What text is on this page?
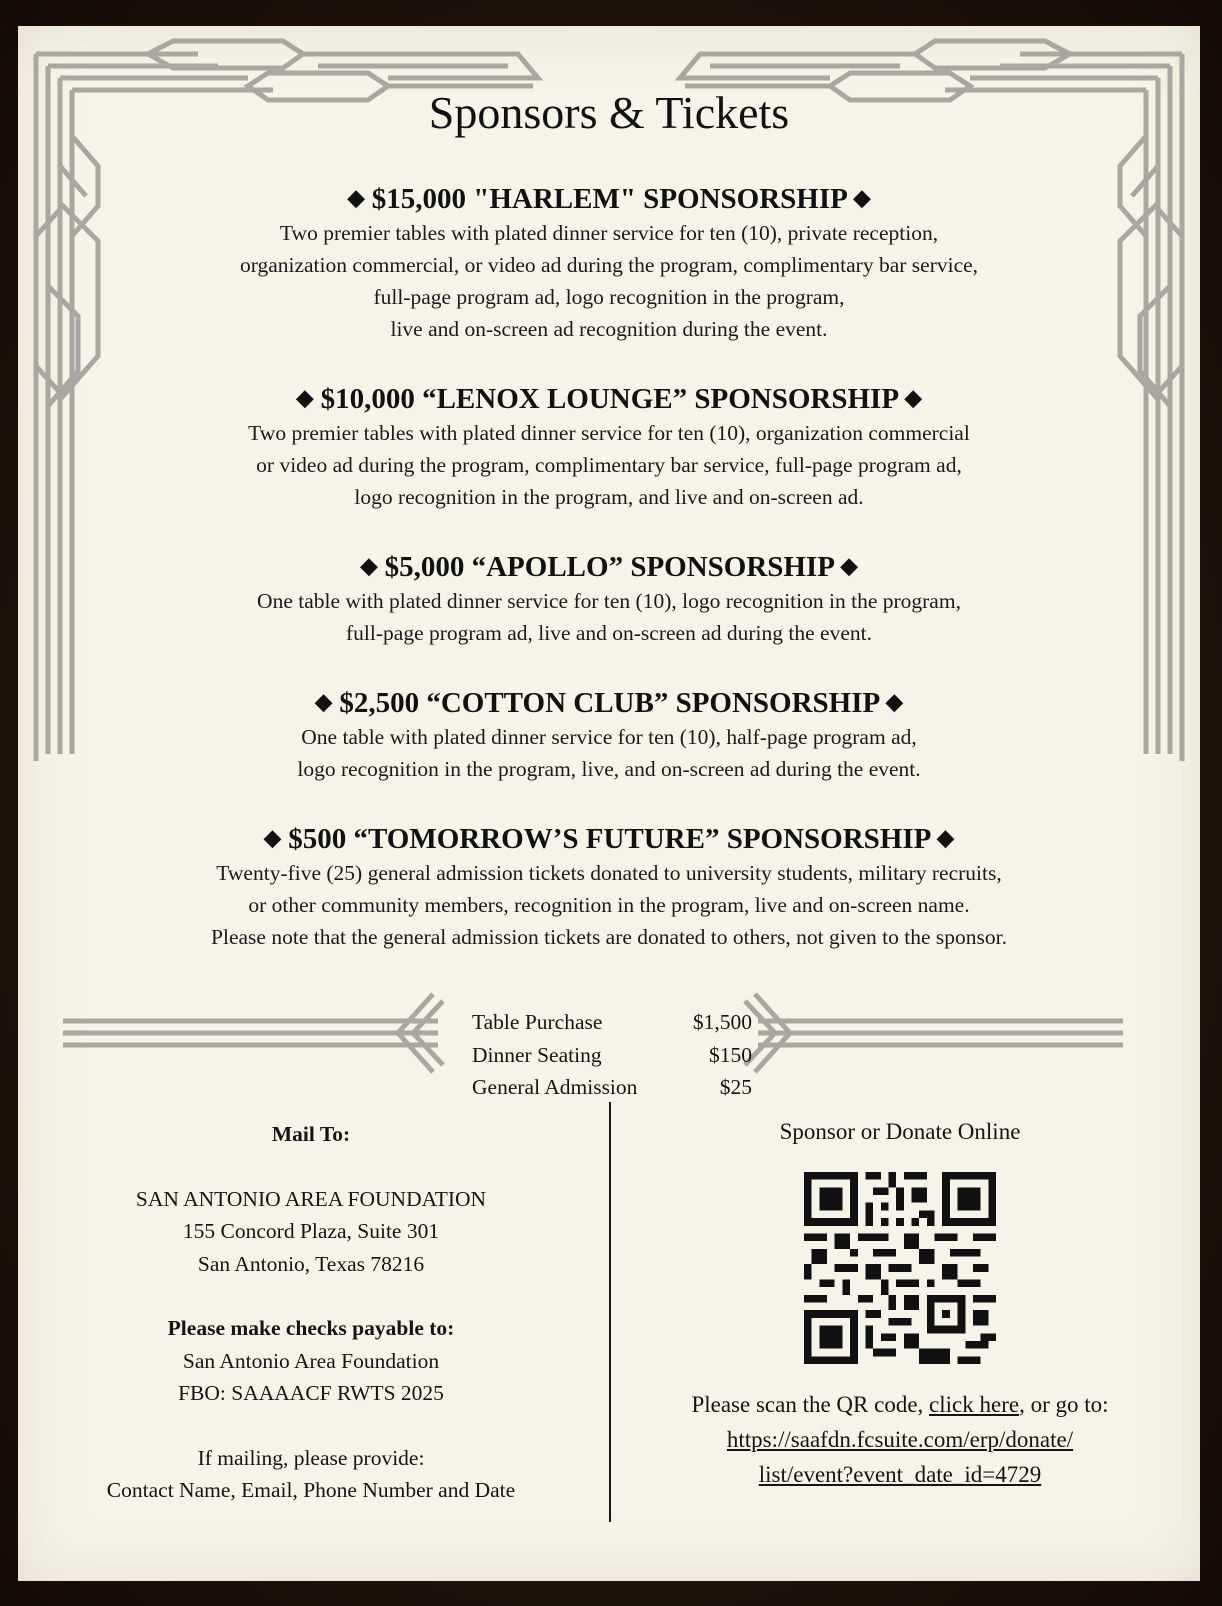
Sponsors & Tickets
◆ $15,000 "HARLEM" SPONSORSHIP ◆

Two premier tables with plated dinner service for ten (10), private reception,
organization commercial, or video ad during the program, complimentary bar service,
full-page program ad, logo recognition in the program,
live and on-screen ad recognition during the event.

◆ $10,000 “LENOX LOUNGE” SPONSORSHIP ◆

Two premier tables with plated dinner service for ten (10), organization commercial
or video ad during the program, complimentary bar service, full-page program ad,
logo recognition in the program, and live and on-screen ad.

◆ $5,000 “APOLLO” SPONSORSHIP ◆

One table with plated dinner service for ten (10), logo recognition in the program,
full-page program ad, live and on-screen ad during the event.

◆ $2,500 “COTTON CLUB” SPONSORSHIP ◆

One table with plated dinner service for ten (10), half-page program ad,
logo recognition in the program, live, and on-screen ad during the event.

◆ $500 “TOMORROW’S FUTURE” SPONSORSHIP ◆

Twenty-five (25) general admission tickets donated to university students, military recruits,
or other community members, recognition in the program, live and on-screen name.
Please note that the general admission tickets are donated to others, not given to the sponsor.

Table Purchase	$1,500
Dinner Seating	$150
General Admission	$25
Mail To:
SAN ANTONIO AREA FOUNDATION
155 Concord Plaza, Suite 301
San Antonio, Texas 78216
Please make checks payable to:
San Antonio Area Foundation
FBO: SAAAACF RWTS 2025
If mailing, please provide:
Contact Name, Email, Phone Number and Date
Sponsor or Donate Online
Please scan the QR code, click here, or go to:
https://saafdn.fcsuite.com/erp/donate/
list/event?event_date_id=4729
